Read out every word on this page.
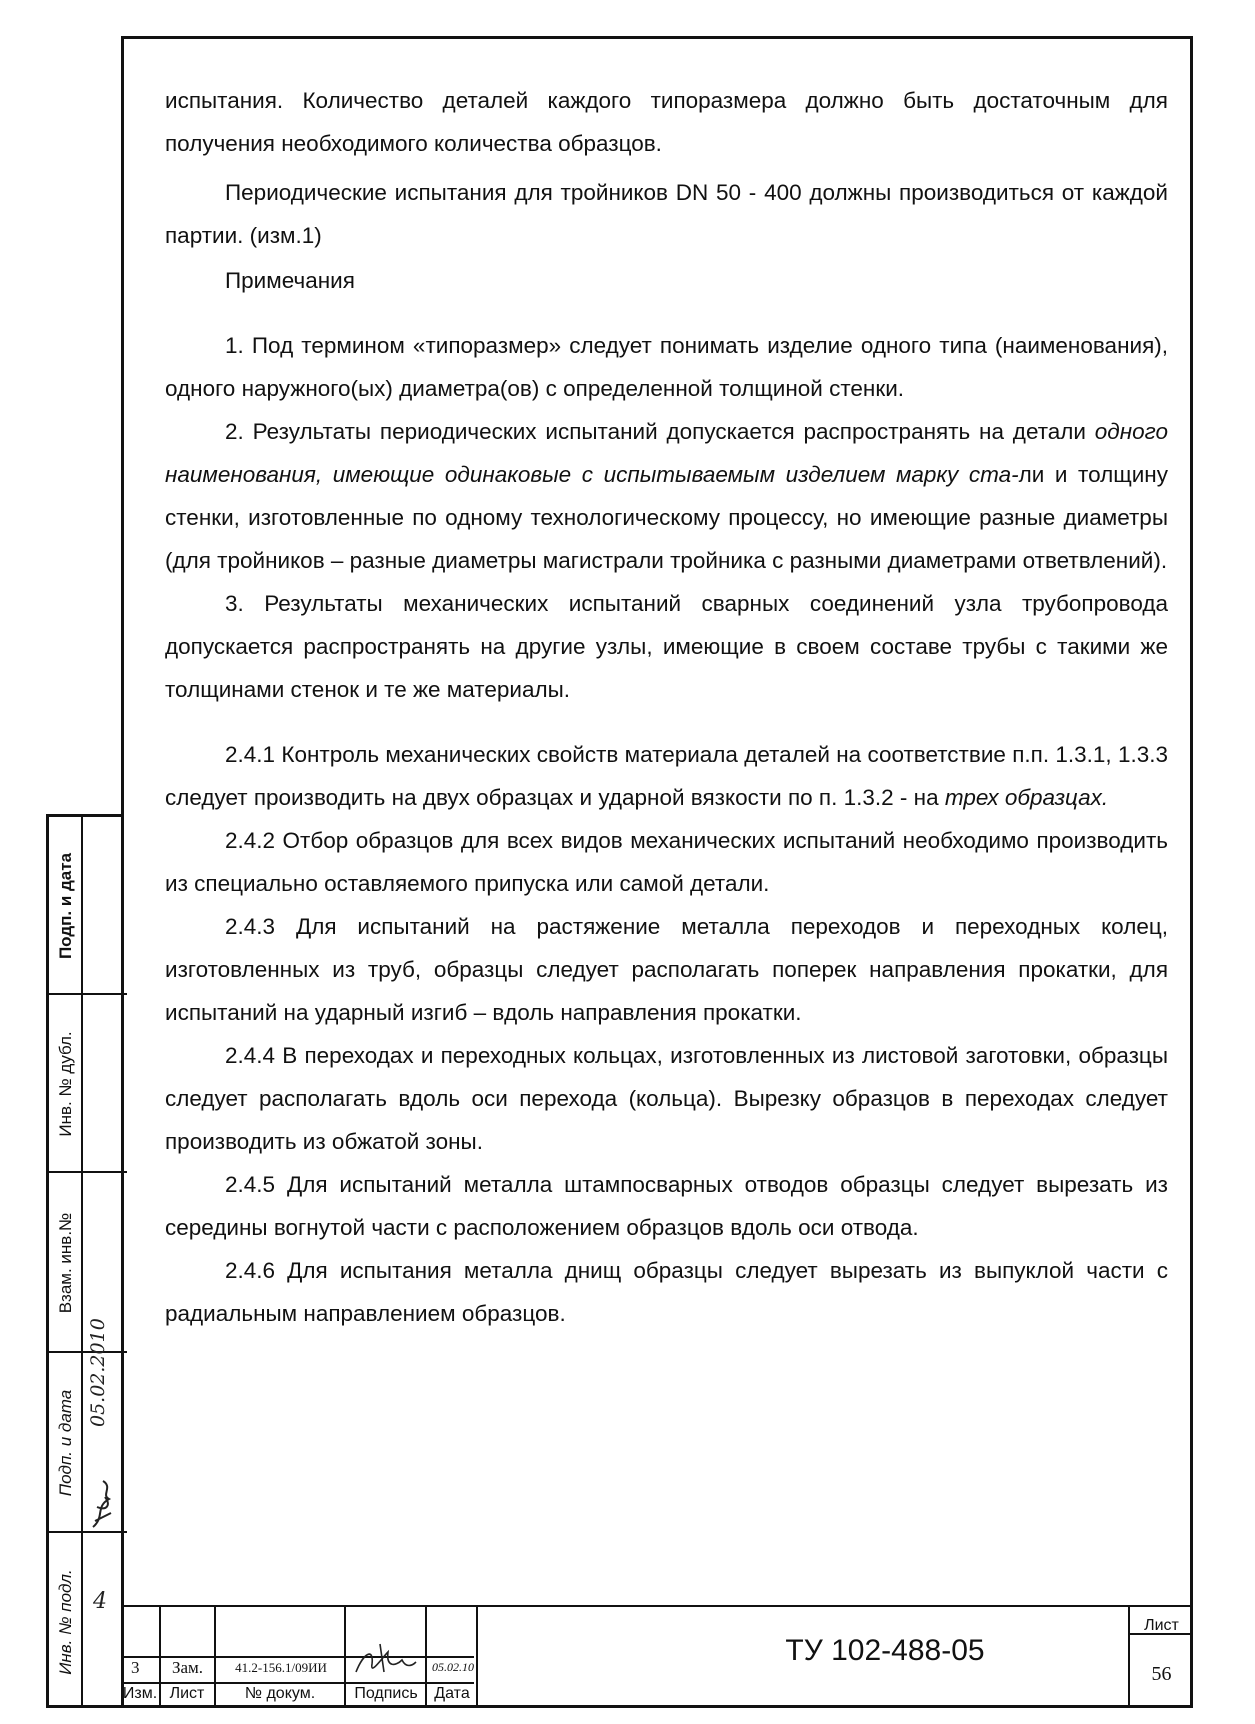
испытания. Количество деталей каждого типоразмера должно быть достаточным для получения необходимого количества образцов.

Периодические испытания для тройников DN 50 - 400 должны производиться от каждой партии. (изм.1)

Примечания

1. Под термином «типоразмер» следует понимать изделие одного типа (наименования), одного наружного(ых) диаметра(ов) с определенной толщиной стенки.

2. Результаты периодических испытаний допускается распространять на детали одного наименования, имеющие одинаковые с испытываемым изделием марку ста-ли и толщину стенки, изготовленные по одному технологическому процессу, но имеющие разные диаметры (для тройников – разные диаметры магистрали тройника с разными диаметрами ответвлений).

3. Результаты механических испытаний сварных соединений узла трубопровода допускается распространять на другие узлы, имеющие в своем составе трубы с такими же толщинами стенок и те же материалы.

2.4.1 Контроль механических свойств материала деталей на соответствие п.п. 1.3.1, 1.3.3 следует производить на двух образцах и ударной вязкости по п. 1.3.2 - на трех образцах.

2.4.2 Отбор образцов для всех видов механических испытаний необходимо производить из специально оставляемого припуска или самой детали.

2.4.3 Для испытаний на растяжение металла переходов и переходных колец, изготовленных из труб, образцы следует располагать поперек направления прокатки, для испытаний на ударный изгиб – вдоль направления прокатки.

2.4.4 В переходах и переходных кольцах, изготовленных из листовой заготовки, образцы следует располагать вдоль оси перехода (кольца). Вырезку образцов в переходах следует производить из обжатой зоны.

2.4.5 Для испытаний металла штампосварных отводов образцы следует вырезать из середины вогнутой части с расположением образцов вдоль оси отвода.

2.4.6 Для испытания металла днищ образцы следует вырезать из выпуклой части с радиальным направлением образцов.

Подп. и дата
Инв. № дубл.
Взам. инв.№
Подп. и дата
Инв. № подл.
05.02.2010
4
3	Зам.	41.2-156.1/09ИИ	05.02.10
Изм. Лист	№ докум.	Подпись	Дата
ТУ 102-488-05
Лист
56
